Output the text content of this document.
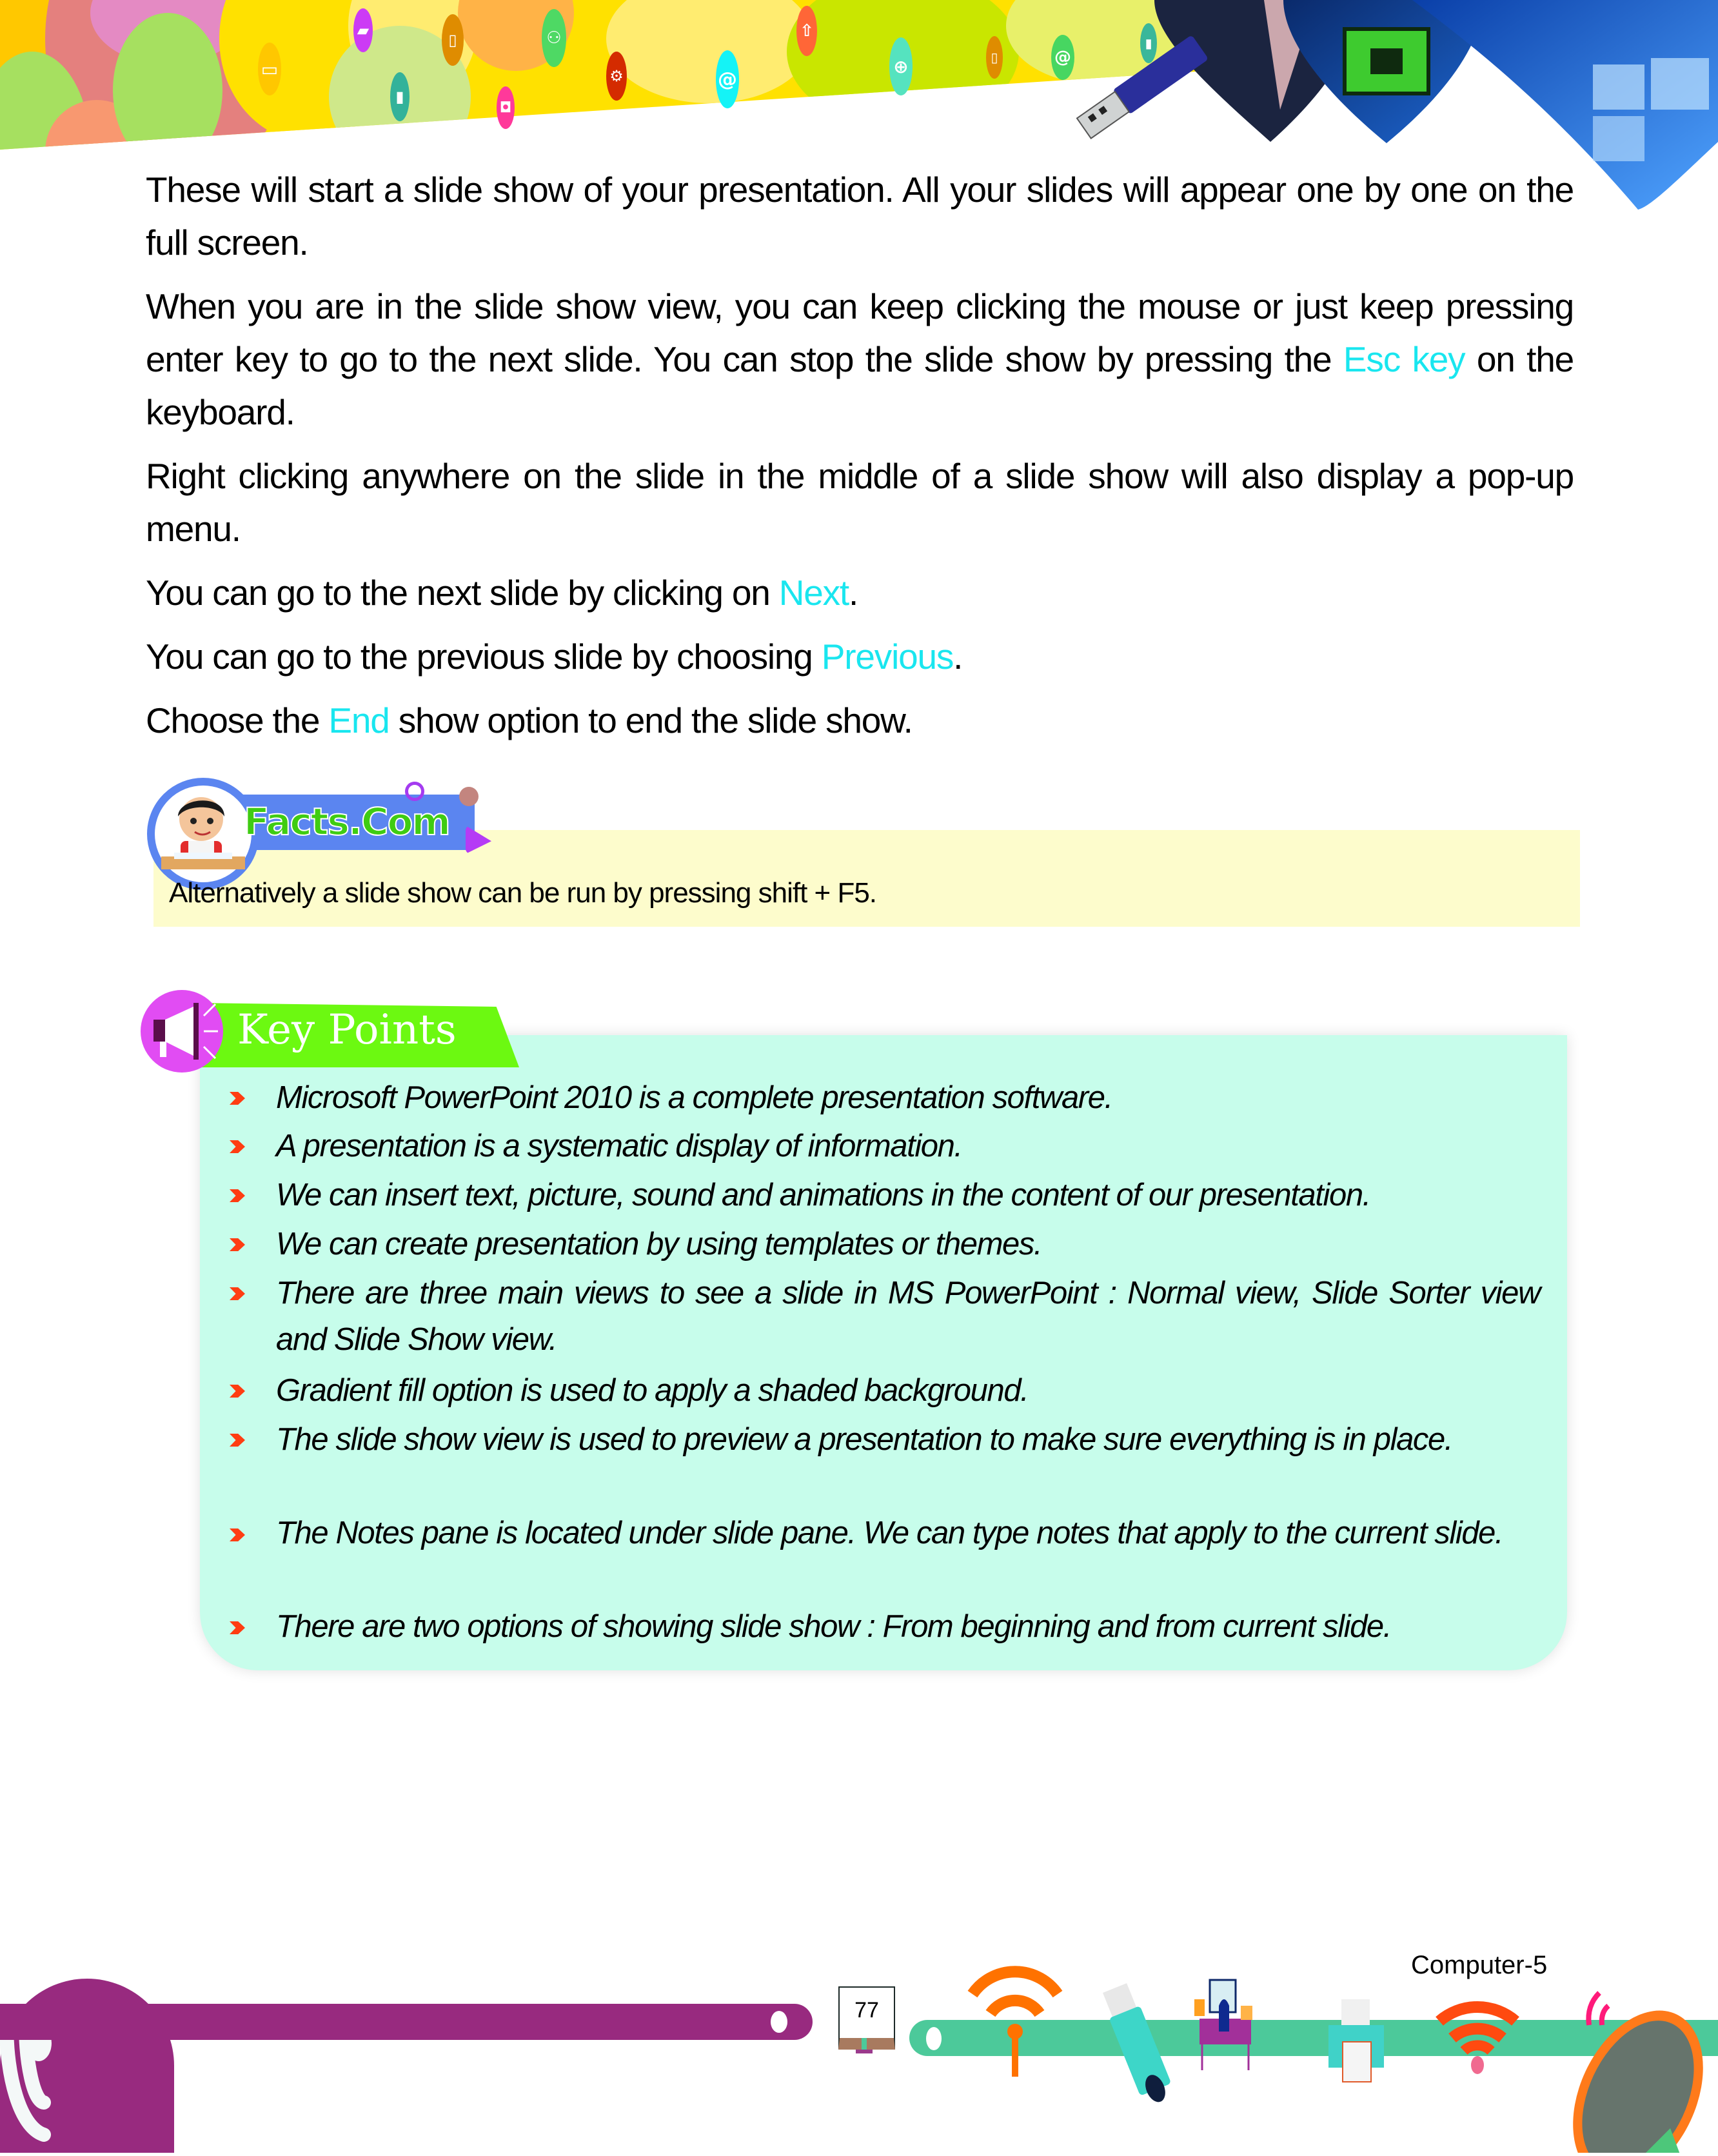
▭
▰
▮
▯
◘
⚇
⚙	@
⇧
⊕	▯	@
▮

These will start a slide show of your presentation. All your slides will appear one by one on the full screen.

When you are in the slide show view, you can keep clicking the mouse or just keep pressing enter key to go to the next slide. You can stop the slide show by pressing the Esc key on the keyboard.

Right clicking anywhere on the slide in the middle of a slide show will also display a pop-up menu.

You can go to the next slide by clicking on Next.

You can go to the previous slide by choosing Previous.

Choose the End show option to end the slide show.

Facts.Com
Alternatively a slide show can be run by pressing shift + F5.
Key Points
Microsoft PowerPoint 2010 is a complete presentation software.
A presentation is a systematic display of information.
We can insert text, picture, sound and animations in the content of our presentation.
We can create presentation by using templates or themes.
There are three main views to see a slide in MS PowerPoint : Normal view, Slide Sorter view and Slide Show view.
Gradient fill option is used to apply a shaded background.
The slide show view is used to preview a presentation to make sure everything is in place.
The Notes pane is located under slide pane. We can type notes that apply to the current slide.
There are two options of showing slide show : From beginning and from current slide.
77
Computer-5
